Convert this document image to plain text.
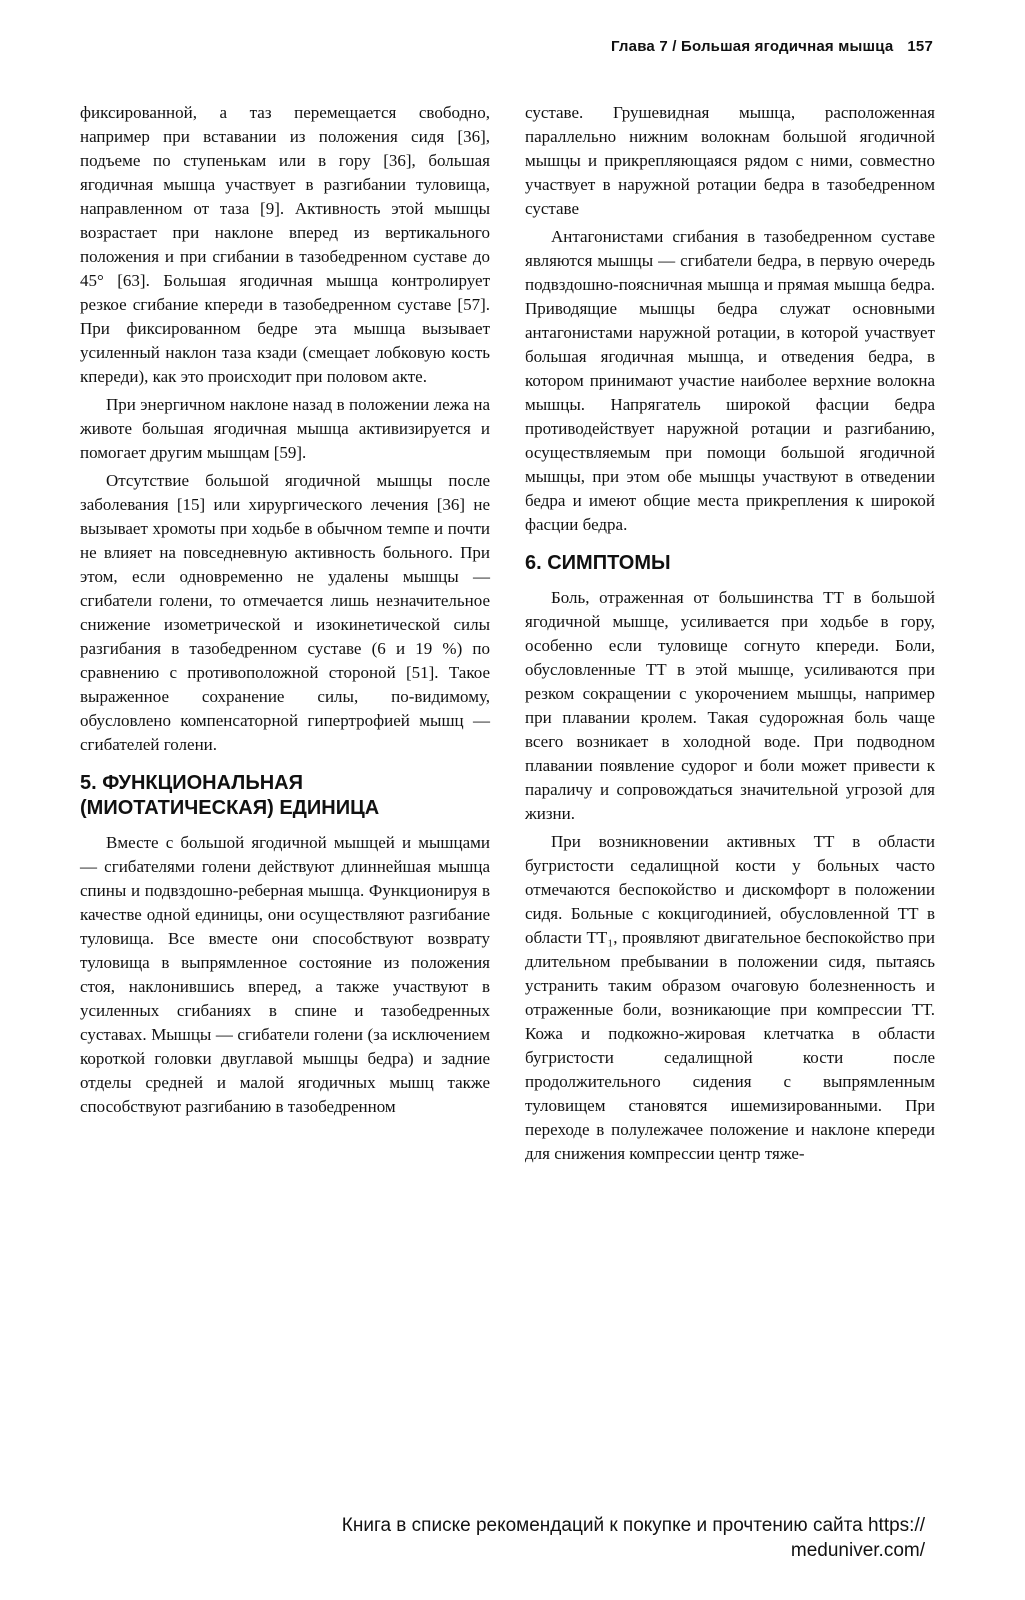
Глава 7 / Большая ягодичная мышца 157

фиксированной, а таз перемещается свободно, например при вставании из положения сидя [36], подъеме по ступенькам или в гору [36], большая ягодичная мышца участвует в разгибании туловища, направленном от таза [9]. Активность этой мышцы возрастает при наклоне вперед из вертикального положения и при сгибании в тазобедренном суставе до 45° [63]. Большая ягодичная мышца контролирует резкое сгибание кпереди в тазобедренном суставе [57]. При фиксированном бедре эта мышца вызывает усиленный наклон таза кзади (смещает лобковую кость кпереди), как это происходит при половом акте.

При энергичном наклоне назад в положении лежа на животе большая ягодичная мышца активизируется и помогает другим мышцам [59].

Отсутствие большой ягодичной мышцы после заболевания [15] или хирургического лечения [36] не вызывает хромоты при ходьбе в обычном темпе и почти не влияет на повседневную активность больного. При этом, если одновременно не удалены мышцы — сгибатели голени, то отмечается лишь незначительное снижение изометрической и изокинетической силы разгибания в тазобедренном суставе (6 и 19 %) по сравнению с противоположной стороной [51]. Такое выраженное сохранение силы, по-видимому, обусловлено компенсаторной гипертрофией мышц — сгибателей голени.

5. ФУНКЦИОНАЛЬНАЯ
(МИОТАТИЧЕСКАЯ) ЕДИНИЦА

Вместе с большой ягодичной мышцей и мышцами — сгибателями голени действуют длиннейшая мышца спины и подвздошно-реберная мышца. Функционируя в качестве одной единицы, они осуществляют разгибание туловища. Все вместе они способствуют возврату туловища в выпрямленное состояние из положения стоя, наклонившись вперед, а также участвуют в усиленных сгибаниях в спине и тазобедренных суставах. Мышцы — сгибатели голени (за исключением короткой головки двуглавой мышцы бедра) и задние отделы средней и малой ягодичных мышц также способствуют разгибанию в тазобедренном

суставе. Грушевидная мышца, расположенная параллельно нижним волокнам большой ягодичной мышцы и прикрепляющаяся рядом с ними, совместно участвует в наружной ротации бедра в тазобедренном суставе

Антагонистами сгибания в тазобедренном суставе являются мышцы — сгибатели бедра, в первую очередь подвздошно-поясничная мышца и прямая мышца бедра. Приводящие мышцы бедра служат основными антагонистами наружной ротации, в которой участвует большая ягодичная мышца, и отведения бедра, в котором принимают участие наиболее верхние волокна мышцы. Напрягатель широкой фасции бедра противодействует наружной ротации и разгибанию, осуществляемым при помощи большой ягодичной мышцы, при этом обе мышцы участвуют в отведении бедра и имеют общие места прикрепления к широкой фасции бедра.

6. СИМПТОМЫ

Боль, отраженная от большинства ТТ в большой ягодичной мышце, усиливается при ходьбе в гору, особенно если туловище согнуто кпереди. Боли, обусловленные ТТ в этой мышце, усиливаются при резком сокращении с укорочением мышцы, например при плавании кролем. Такая судорожная боль чаще всего возникает в холодной воде. При подводном плавании появление судорог и боли может привести к параличу и сопровождаться значительной угрозой для жизни.

При возникновении активных ТТ в области бугристости седалищной кости у больных часто отмечаются беспокойство и дискомфорт в положении сидя. Больные с кокцигодинией, обусловленной ТТ в области ТТ₁, проявляют двигательное беспокойство при длительном пребывании в положении сидя, пытаясь устранить таким образом очаговую болезненность и отраженные боли, возникающие при компрессии ТТ. Кожа и подкожно-жировая клетчатка в области бугристости седалищной кости после продолжительного сидения с выпрямленным туловищем становятся ишемизированными. При переходе в полулежачее положение и наклоне кпереди для снижения компрессии центр тяже-

Книга в списке рекомендаций к покупке и прочтению сайта https://
meduniver.com/
